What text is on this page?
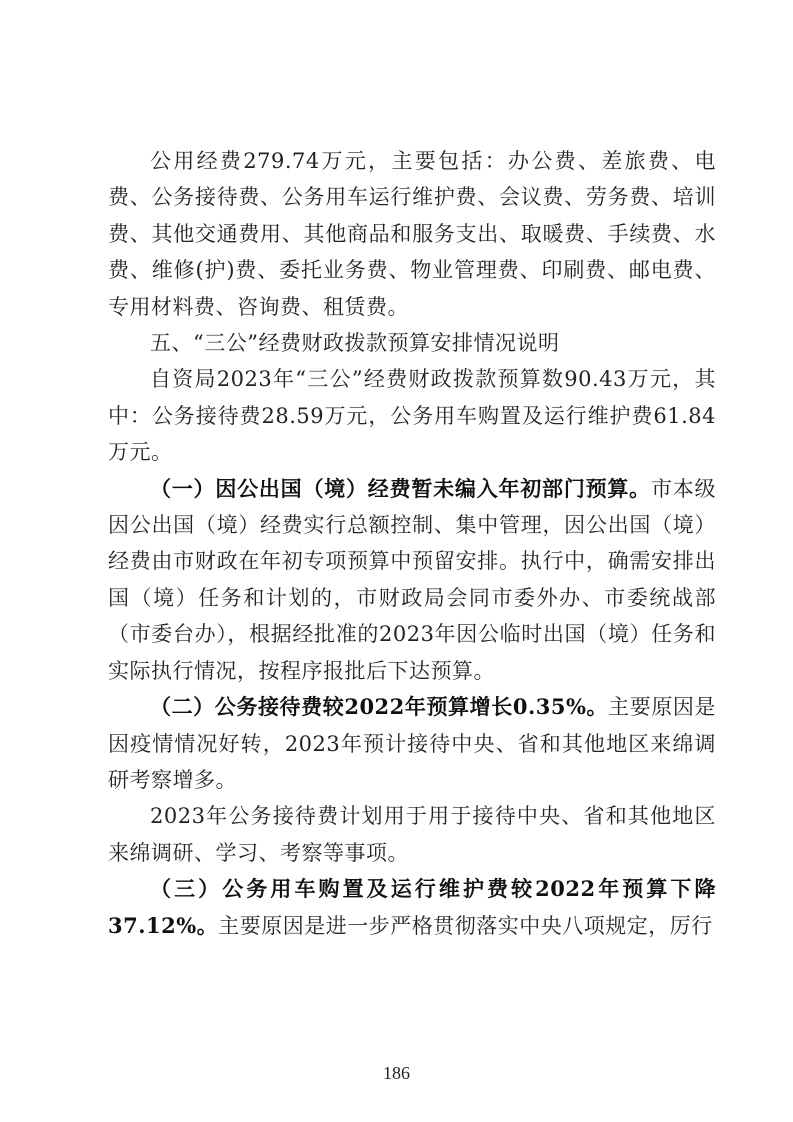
公用经费279.74万元，主要包括：办公费、差旅费、电费、公务接待费、公务用车运行维护费、会议费、劳务费、培训费、其他交通费用、其他商品和服务支出、取暖费、手续费、水费、维修(护)费、委托业务费、物业管理费、印刷费、邮电费、专用材料费、咨询费、租赁费。

五、“三公”经费财政拨款预算安排情况说明

自资局2023年“三公”经费财政拨款预算数90.43万元，其中：公务接待费28.59万元，公务用车购置及运行维护费61.84万元。

（一）因公出国（境）经费暂未编入年初部门预算。市本级因公出国（境）经费实行总额控制、集中管理，因公出国（境）经费由市财政在年初专项预算中预留安排。执行中，确需安排出国（境）任务和计划的，市财政局会同市委外办、市委统战部（市委台办），根据经批准的2023年因公临时出国（境）任务和实际执行情况，按程序报批后下达预算。

（二）公务接待费较2022年预算增长0.35%。主要原因是因疫情情况好转，2023年预计接待中央、省和其他地区来绵调研考察增多。

2023年公务接待费计划用于用于接待中央、省和其他地区来绵调研、学习、考察等事项。

（三）公务用车购置及运行维护费较2022年预算下降37.12%。主要原因是进一步严格贯彻落实中央八项规定，厉行

186
